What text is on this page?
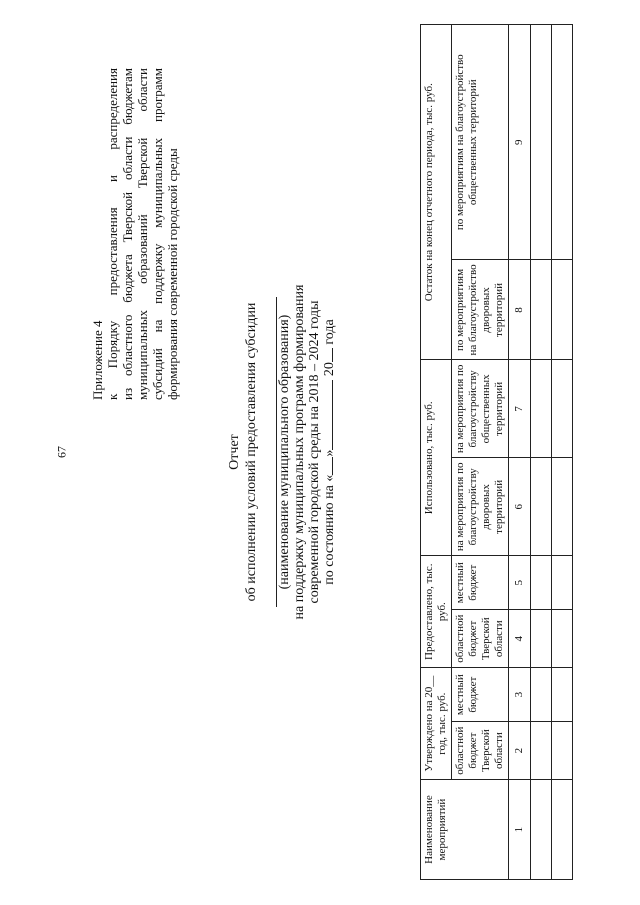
67
Приложение 4 к Порядку предоставления и распределения из областного бюджета Тверской области бюджетам муниципальных образований Тверской области субсидий на поддержку муниципальных программ формирования современной городской среды
Отчет об исполнении условий предоставления субсидии (наименование муниципального образования) на поддержку муниципальных программ формирования современной городской среды на 2018 – 2024 годы по состоянию на «» 20 года
Наименование мероприятий	Утверждено на 20__ год, тыс. руб.		Предоставлено, тыс. руб.		Использовано, тыс. руб.		Остаток на конец отчетного периода, тыс. руб.	
	областной бюджет Тверской области	местный бюджет	областной бюджет Тверской области	местный бюджет	на мероприятия по благоустройству дворовых территорий	на мероприятия по благоустройству общественных территорий	по мероприятиям на благоустройство дворовых территорий	по мероприятиям на благоустройство общественных территорий
1	2	3	4	5	6	7	8	9
